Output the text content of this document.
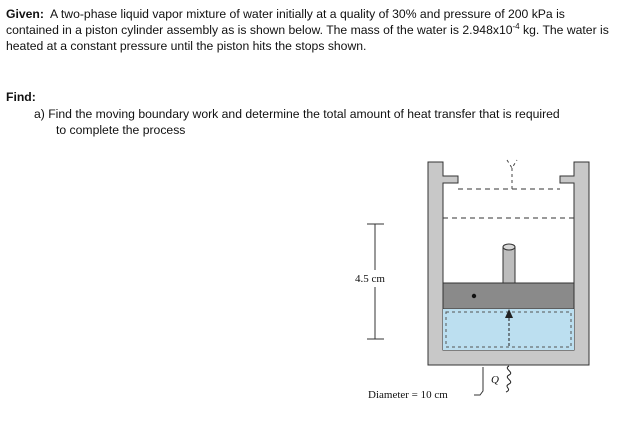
Given: A two-phase liquid vapor mixture of water initially at a quality of 30% and pressure of 200 kPa is contained in a piston cylinder assembly as is shown below. The mass of the water is $2.948x10^{-4}$ kg. The water is heated at a constant pressure until the piston hits the stops shown.
Find:
a) Find the moving boundary work and determine the total amount of heat transfer that is required
to complete the process
4.5 cm
Q
Diameter = 10 cm
